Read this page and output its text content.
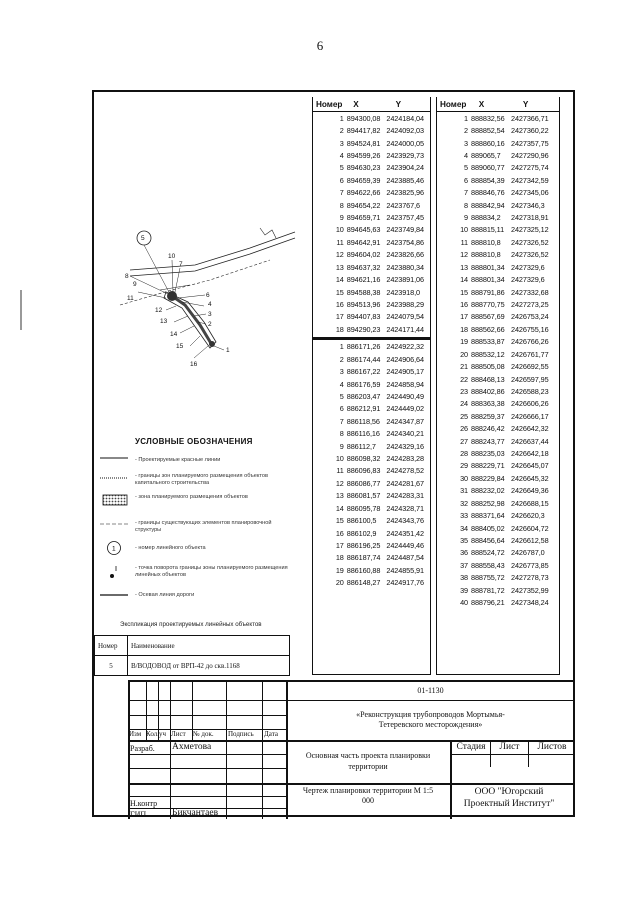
6
Номер	X	Y
1 894300,08 2424184,04
2 894417,82 2424092,03
3 894524,81 2424000,05
4 894599,26 2423929,73
5 894630,23 2423904,24
6 894659,39 2423885,46
7 894622,66 2423825,96
8 894654,22 2423767,6
9 894659,71 2423757,45
10 894645,63 2423749,84
11 894642,91 2423754,86
12 894604,02 2423826,66
13 894637,32 2423880,34
14 894621,16 2423891,06
15 894588,38 2423918,0
16 894513,96 2423988,29
17 894407,83 2424079,54
18 894290,23 2424171,44
1 886171,26 2424922,32
2 886174,44 2424906,64
3 886167,22 2424905,17
4 886176,59 2424858,94
5 886203,47 2424490,49
6 886212,91 2424449,02
7 886118,56 2424347,87
8 886116,16 2424340,21
9 886112,7	2424329,16
10 886098,32 2424283,28
11 886096,83 2424278,52
12 886086,77 2424281,67
13 886081,57 2424283,31
14 886095,78 2424328,71
15 886100,5	2424343,76
16 886102,9	2424351,42
17 886196,25 2424449,46
18 886187,74 2424487,54
19 886160,88 2424855,91
20 886148,27 2424917,76
Номер	X	Y
1 888832,56 2427366,71
2 888852,54 2427360,22
3 888860,16 2427357,75
4 889065,7	2427290,96
5 889060,77 2427275,74
6 888854,39 2427342,59
7 888846,76 2427345,06
8 888842,94 2427346,3
9 888834,2	2427318,91
10 888815,11 2427325,12
11 888810,8	2427326,52
12 888810,8	2427326,52
13 888801,34 2427329,6
14 888801,34 2427329,6
15 888791,86 2427332,68
16 888770,75 2427273,25
17 888567,69 2426753,24
18 888562,66 2426755,16
19 888533,87 2426766,26
20 888532,12 2426761,77
21 888505,08 2426692,55
22 888468,13 2426597,95
23 888402,86 2426588,23
24 888363,38 2426606,26
25 888259,37 2426666,17
26 888246,42 2426642,32
27 888243,77 2426637,44
28 888235,03 2426642,18
29 888229,71 2426645,07
30 888229,84 2426645,32
31 888232,02 2426649,36
32 888252,98 2426688,15
33 888371,64 2426620,3
34 888405,02 2426604,72
35 888456,64 2426612,58
36 888524,72 2426787,0
37 888558,43 2426773,85
38 888755,72 2427278,73
39 888781,72 2427352,99
40 888796,21 2427348,24
5
10
7
8
9
11	6
4
12
13
3
2
14
15
1
16
УСЛОВНЫЕ ОБОЗНАЧЕНИЯ
- Проектируемые красные линии
- границы зон планируемого размещения объектов капитального строительства
- зона планируемого размещения объектов
- границы существующих элементов планировочной структуры
1	- номер линейного объекта
- точка поворота границы зоны планируемого размещения линейных объектов
- Осевая линия дороги
Экспликация проектируемых линейных объектов
Номер	Наименование
5	В/ВОДОВОД от ВРП-42 до скв.1168
01-1130
«Реконструкция трубопроводов Мортымья-Тетеревского месторождения»
Изм Кол.уч Лист № док. Подпись Дата
Разраб. Ахметова
Н.контр
ГИП	Бикчантаев
Основная часть проекта планировки территории
Стадия	Лист	Листов
Чертеж планировки территории М 1:5 000
ООО "Югорский Проектный Институт"
